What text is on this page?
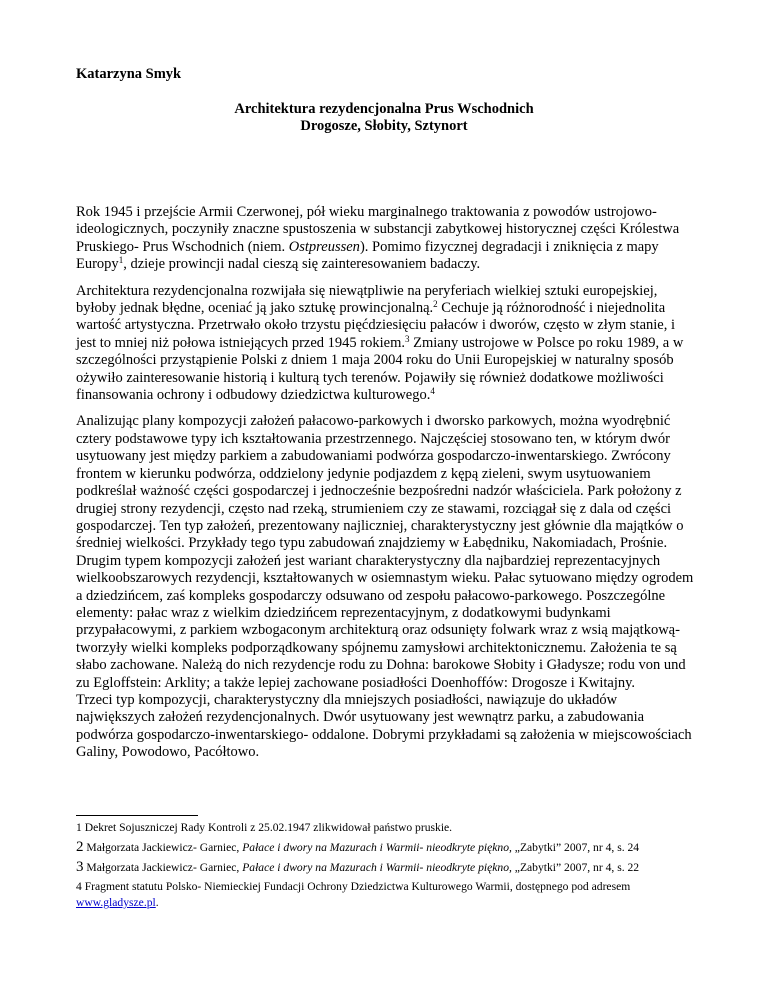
Katarzyna Smyk
Architektura rezydencjonalna Prus Wschodnich
Drogosze, Słobity, Sztynort

Rok 1945 i przejście Armii Czerwonej, pół wieku marginalnego traktowania z powodów ustrojowo-ideologicznych, poczyniły znaczne spustoszenia w substancji zabytkowej historycznej części Królestwa Pruskiego- Prus Wschodnich (niem. Ostpreussen). Pomimo fizycznej degradacji i zniknięcia z mapy Europy$^1$, dzieje prowincji nadal cieszą się zainteresowaniem badaczy.

Architektura rezydencjonalna rozwijała się niewątpliwie na peryferiach wielkiej sztuki europejskiej, byłoby jednak błędne, oceniać ją jako sztukę prowincjonalną.$^2$ Cechuje ją różnorodność i niejednolita wartość artystyczna. Przetrwało około trzystu pięćdziesięciu pałaców i dworów, często w złym stanie, i jest to mniej niż połowa istniejących przed 1945 rokiem.$^3$ Zmiany ustrojowe w Polsce po roku 1989, a w szczególności przystąpienie Polski z dniem 1 maja 2004 roku do Unii Europejskiej w naturalny sposób ożywiło zainteresowanie historią i kulturą tych terenów. Pojawiły się również dodatkowe możliwości finansowania ochrony i odbudowy dziedzictwa kulturowego.$^4$

Analizując plany kompozycji założeń pałacowo-parkowych i dworsko parkowych, można wyodrębnić cztery podstawowe typy ich kształtowania przestrzennego. Najczęściej stosowano ten, w którym dwór usytuowany jest między parkiem a zabudowaniami podwórza gospodarczo-inwentarskiego. Zwrócony frontem w kierunku podwórza, oddzielony jedynie podjazdem z kępą zieleni, swym usytuowaniem podkreślał ważność części gospodarczej i jednocześnie bezpośredni nadzór właściciela. Park położony z drugiej strony rezydencji, często nad rzeką, strumieniem czy ze stawami, rozciągał się z dala od części gospodarczej. Ten typ założeń, prezentowany najliczniej, charakterystyczny jest głównie dla majątków o średniej wielkości. Przykłady tego typu zabudowań znajdziemy w Łabędniku, Nakomiadach, Prośnie.

Drugim typem kompozycji założeń jest wariant charakterystyczny dla najbardziej reprezentacyjnych wielkoobszarowych rezydencji, kształtowanych w osiemnastym wieku. Pałac sytuowano między ogrodem a dziedzińcem, zaś kompleks gospodarczy odsuwano od zespołu pałacowo-parkowego. Poszczególne elementy: pałac wraz z wielkim dziedzińcem reprezentacyjnym, z dodatkowymi budynkami przypałacowymi, z parkiem wzbogaconym architekturą oraz odsunięty folwark wraz z wsią majątkową- tworzyły wielki kompleks podporządkowany spójnemu zamysłowi architektonicznemu. Założenia te są słabo zachowane. Należą do nich rezydencje rodu zu Dohna: barokowe Słobity i Gładysze; rodu von und zu Egloffstein: Arklity; a także lepiej zachowane posiadłości Doenhoffów: Drogosze i Kwitajny.

Trzeci typ kompozycji, charakterystyczny dla mniejszych posiadłości, nawiązuje do układów największych założeń rezydencjonalnych. Dwór usytuowany jest wewnątrz parku, a zabudowania podwórza gospodarczo-inwentarskiego- oddalone. Dobrymi przykładami są założenia w miejscowościach Galiny, Powodowo, Pacółtowo.

1 Dekret Sojuszniczej Rady Kontroli z 25.02.1947 zlikwidował państwo pruskie.
2 Małgorzata Jackiewicz- Garniec, Pałace i dwory na Mazurach i Warmii- nieodkryte piękno, „Zabytki” 2007, nr 4, s. 24
3 Małgorzata Jackiewicz- Garniec, Pałace i dwory na Mazurach i Warmii- nieodkryte piękno, „Zabytki” 2007, nr 4, s. 22
4 Fragment statutu Polsko- Niemieckiej Fundacji Ochrony Dziedzictwa Kulturowego Warmii, dostępnego pod adresem www.gladysze.pl.
